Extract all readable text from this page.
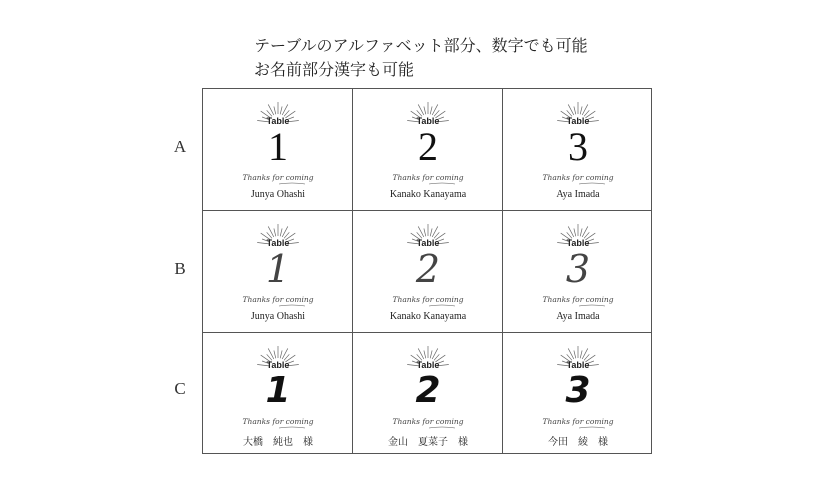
テーブルのアルファベット部分、数字でも可能
お名前部分漢字も可能
A
B
C
Table
1
Thanks for coming
Junya Ohashi
Table
2
Thanks for coming
Kanako Kanayama
Table
3
Thanks for coming
Aya Imada
Table
1
Thanks for coming
Junya Ohashi
Table
2
Thanks for coming
Kanako Kanayama
Table
3
Thanks for coming
Aya Imada
Table
1
Thanks for coming
大橋　純也　様
Table
2
Thanks for coming
金山　夏菜子　様
Table
3
Thanks for coming
今田　綾　様
